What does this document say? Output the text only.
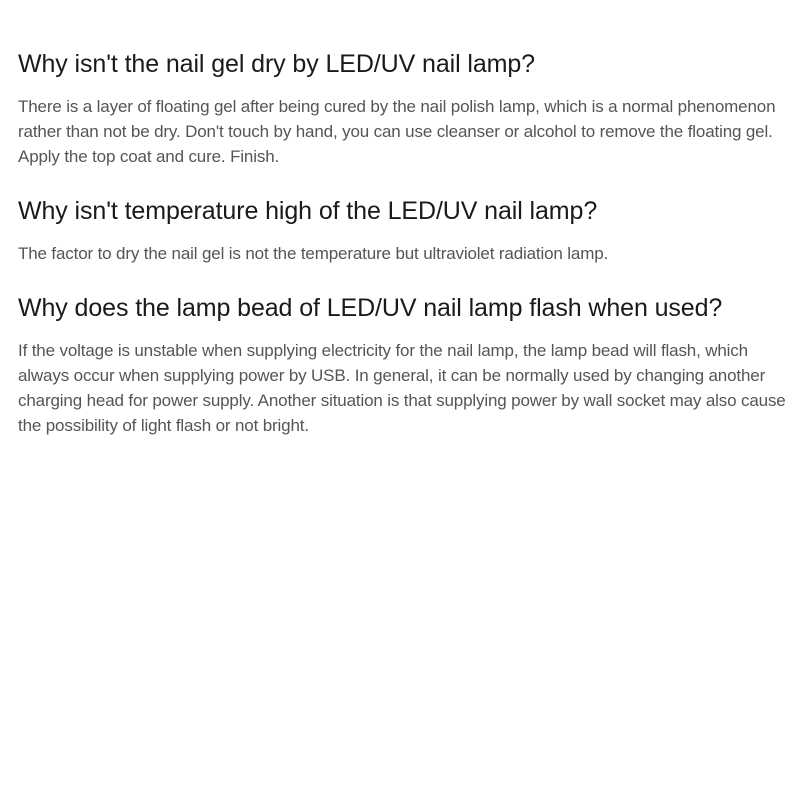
Why isn't the nail gel dry by LED/UV nail lamp?

There is a layer of floating gel after being cured by the nail polish lamp, which is a normal phenomenon rather than not be dry. Don't touch by hand, you can use cleanser or alcohol to remove the floating gel. Apply the top coat and cure. Finish.

Why isn't temperature high of the LED/UV nail lamp?

The factor to dry the nail gel is not the temperature but ultraviolet radiation lamp.

Why does the lamp bead of LED/UV nail lamp flash when used?

If the voltage is unstable when supplying electricity for the nail lamp, the lamp bead will flash, which always occur when supplying power by USB. In general, it can be normally used by changing another charging head for power supply. Another situation is that supplying power by wall socket may also cause the possibility of light flash or not bright.
